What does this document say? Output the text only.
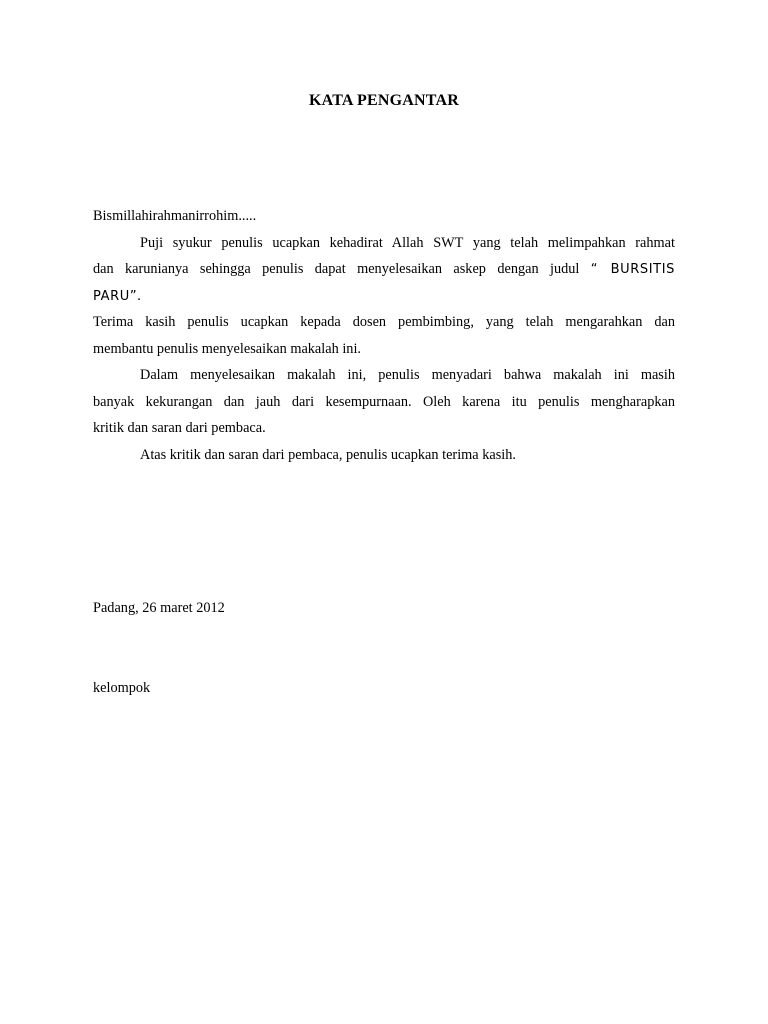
KATA PENGANTAR
Bismillahirahmanirrohim.....
Puji syukur penulis ucapkan kehadirat Allah SWT yang telah melimpahkan rahmat
dan karunianya sehingga penulis dapat menyelesaikan askep dengan judul “ BURSITIS
PARU”.
Terima kasih penulis ucapkan kepada dosen pembimbing, yang telah mengarahkan dan
membantu penulis menyelesaikan makalah ini.
Dalam menyelesaikan makalah ini, penulis menyadari bahwa makalah ini masih
banyak kekurangan dan jauh dari kesempurnaan. Oleh karena itu penulis mengharapkan
kritik dan saran dari pembaca.
Atas kritik dan saran dari pembaca, penulis ucapkan terima kasih.
Padang, 26 maret 2012
kelompok
